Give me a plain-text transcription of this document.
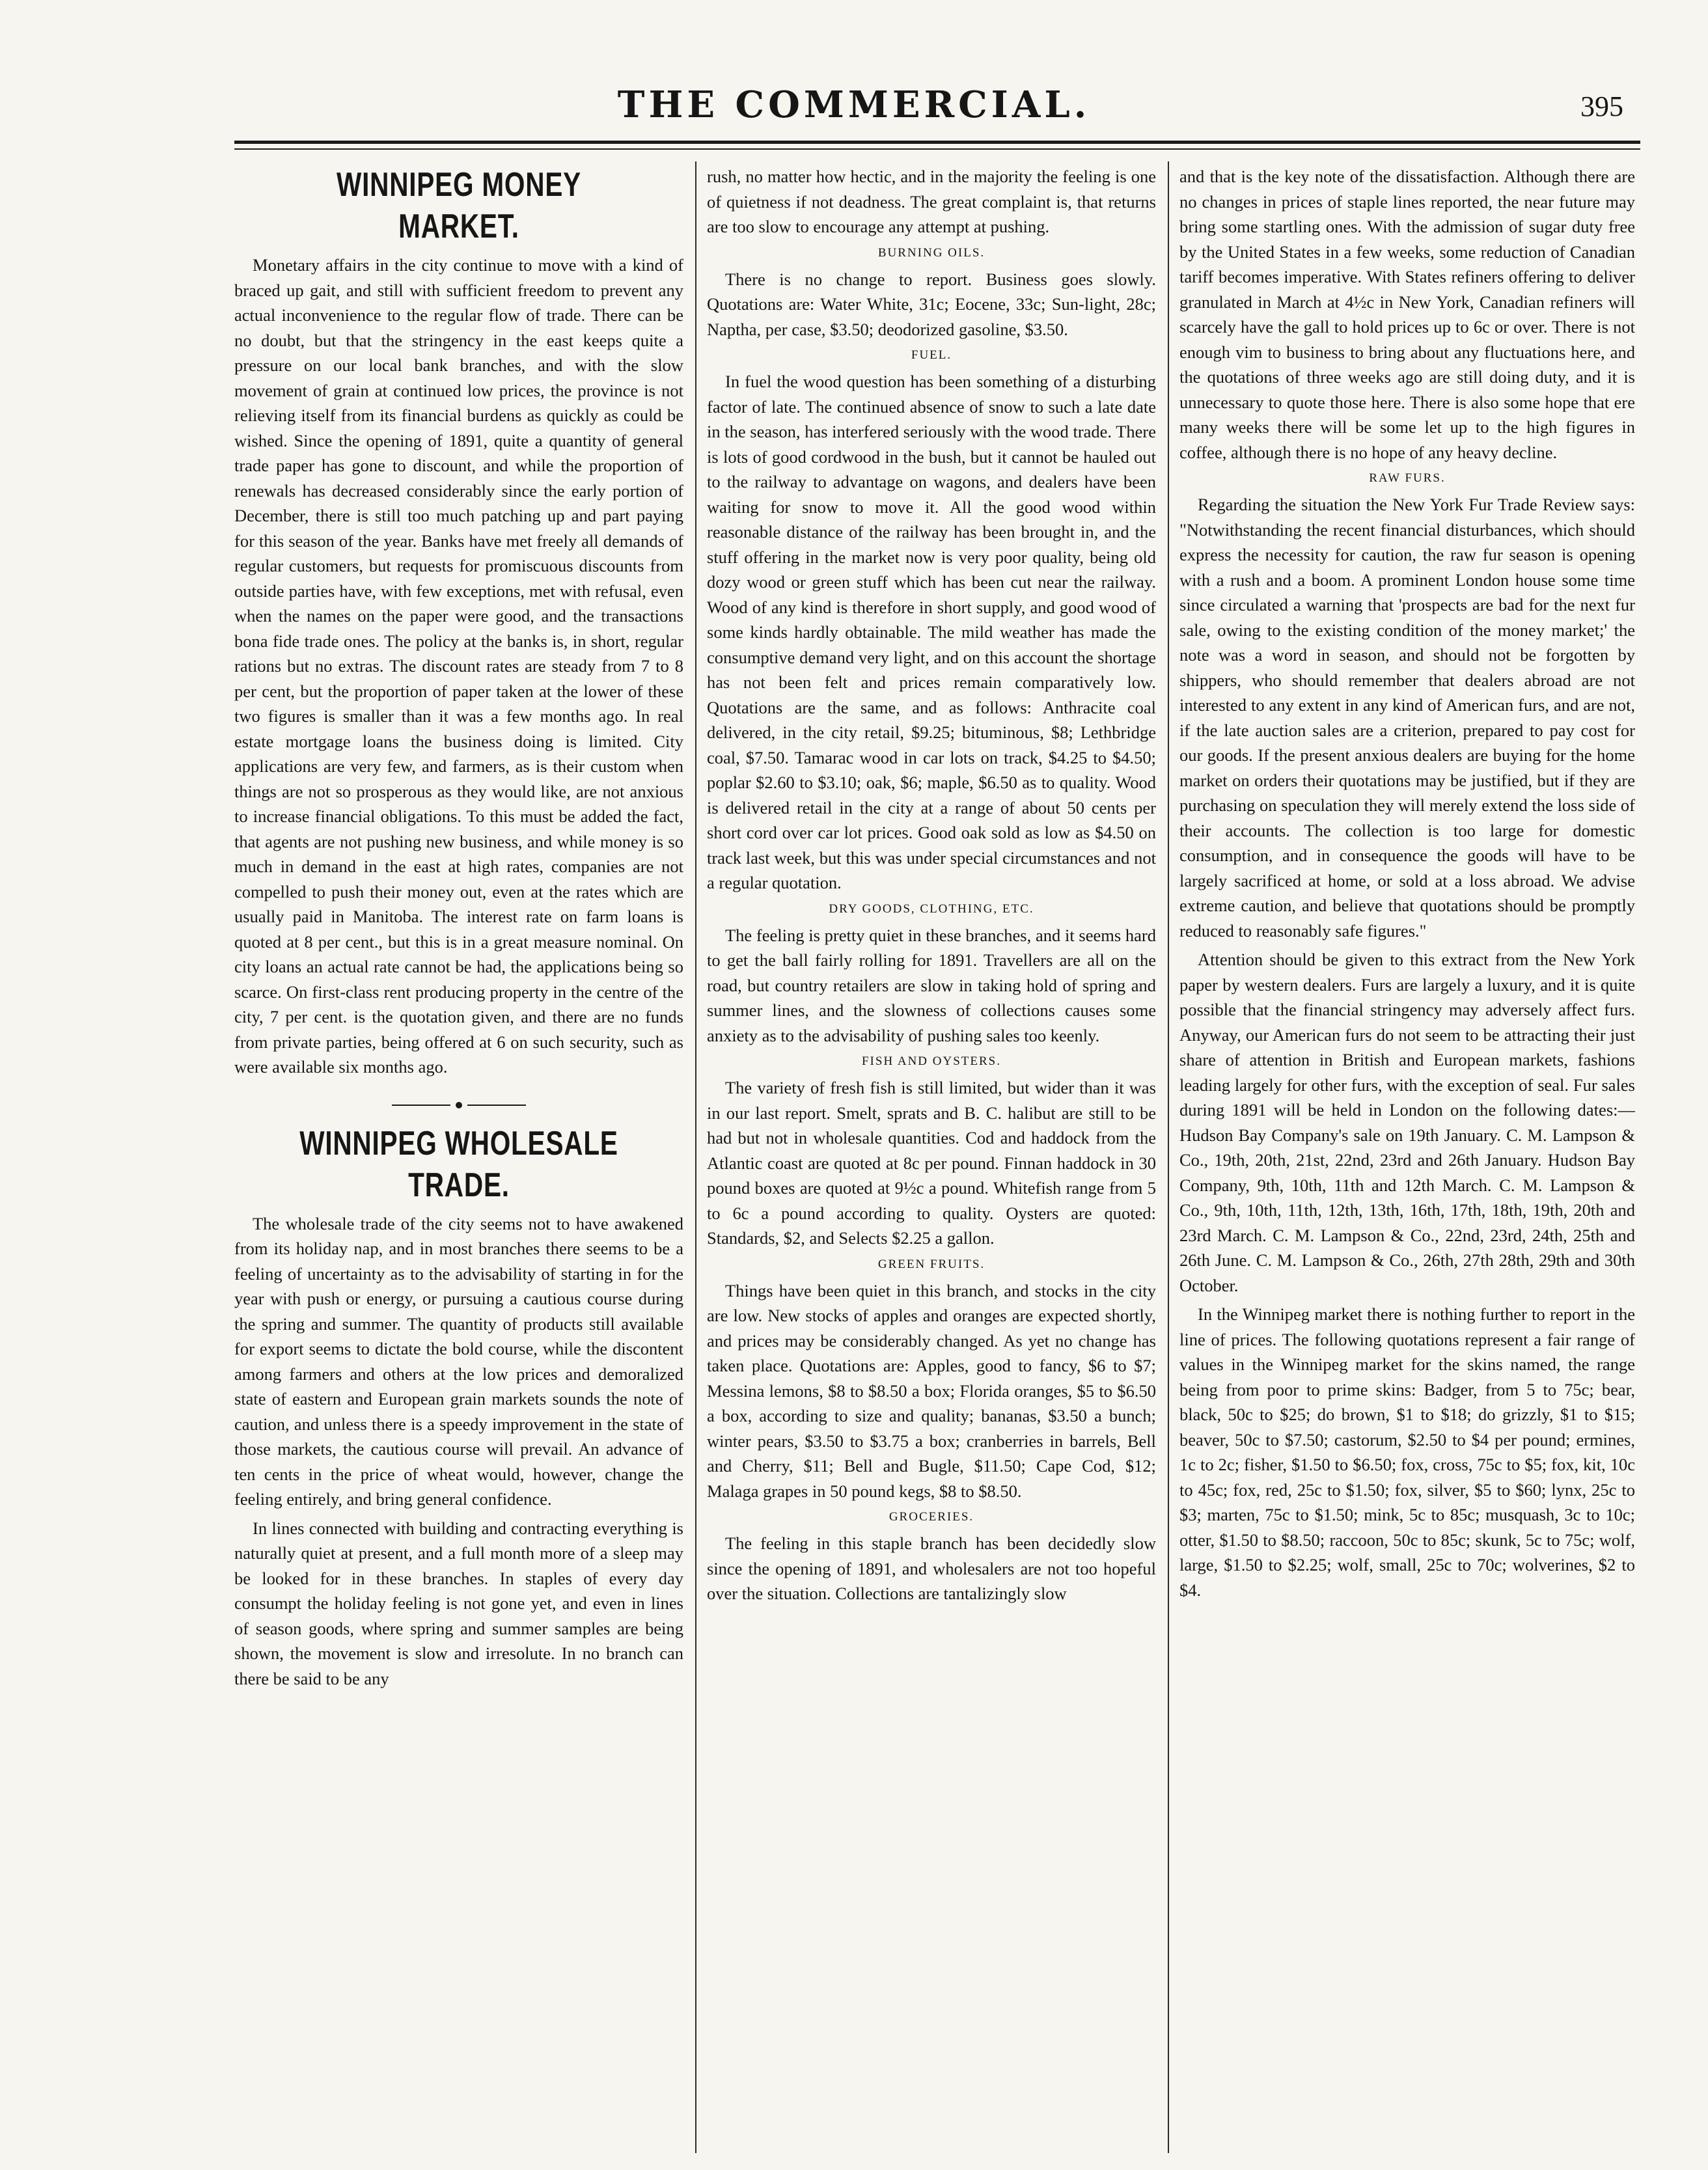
THE COMMERCIAL.	395
WINNIPEG MONEY MARKET.

Monetary affairs in the city continue to move with a kind of braced up gait, and still with sufficient freedom to prevent any actual inconvenience to the regular flow of trade. There can be no doubt, but that the stringency in the east keeps quite a pressure on our local bank branches, and with the slow movement of grain at continued low prices, the province is not relieving itself from its financial burdens as quickly as could be wished. Since the opening of 1891, quite a quantity of general trade paper has gone to discount, and while the proportion of renewals has decreased considerably since the early portion of December, there is still too much patching up and part paying for this season of the year. Banks have met freely all demands of regular customers, but requests for promiscuous discounts from outside parties have, with few exceptions, met with refusal, even when the names on the paper were good, and the transactions bona fide trade ones. The policy at the banks is, in short, regular rations but no extras. The discount rates are steady from 7 to 8 per cent, but the proportion of paper taken at the lower of these two figures is smaller than it was a few months ago. In real estate mortgage loans the business doing is limited. City applications are very few, and farmers, as is their custom when things are not so prosperous as they would like, are not anxious to increase financial obligations. To this must be added the fact, that agents are not pushing new business, and while money is so much in demand in the east at high rates, companies are not compelled to push their money out, even at the rates which are usually paid in Manitoba. The interest rate on farm loans is quoted at 8 per cent., but this is in a great measure nominal. On city loans an actual rate cannot be had, the applications being so scarce. On first-class rent producing property in the centre of the city, 7 per cent. is the quotation given, and there are no funds from private parties, being offered at 6 on such security, such as were available six months ago.

WINNIPEG WHOLESALE TRADE.

The wholesale trade of the city seems not to have awakened from its holiday nap, and in most branches there seems to be a feeling of uncertainty as to the advisability of starting in for the year with push or energy, or pursuing a cautious course during the spring and summer. The quantity of products still available for export seems to dictate the bold course, while the discontent among farmers and others at the low prices and demoralized state of eastern and European grain markets sounds the note of caution, and unless there is a speedy improvement in the state of those markets, the cautious course will prevail. An advance of ten cents in the price of wheat would, however, change the feeling entirely, and bring general confidence.

In lines connected with building and contracting everything is naturally quiet at present, and a full month more of a sleep may be looked for in these branches. In staples of every day consumpt the holiday feeling is not gone yet, and even in lines of season goods, where spring and summer samples are being shown, the movement is slow and irresolute. In no branch can there be said to be any

rush, no matter how hectic, and in the majority the feeling is one of quietness if not deadness. The great complaint is, that returns are too slow to encourage any attempt at pushing.

BURNING OILS.

There is no change to report. Business goes slowly. Quotations are: Water White, 31c; Eocene, 33c; Sun-light, 28c; Naptha, per case, $3.50; deodorized gasoline, $3.50.

FUEL.

In fuel the wood question has been something of a disturbing factor of late. The continued absence of snow to such a late date in the season, has interfered seriously with the wood trade. There is lots of good cordwood in the bush, but it cannot be hauled out to the railway to advantage on wagons, and dealers have been waiting for snow to move it. All the good wood within reasonable distance of the railway has been brought in, and the stuff offering in the market now is very poor quality, being old dozy wood or green stuff which has been cut near the railway. Wood of any kind is therefore in short supply, and good wood of some kinds hardly obtainable. The mild weather has made the consumptive demand very light, and on this account the shortage has not been felt and prices remain comparatively low. Quotations are the same, and as follows: Anthracite coal delivered, in the city retail, $9.25; bituminous, $8; Lethbridge coal, $7.50. Tamarac wood in car lots on track, $4.25 to $4.50; poplar $2.60 to $3.10; oak, $6; maple, $6.50 as to quality. Wood is delivered retail in the city at a range of about 50 cents per short cord over car lot prices. Good oak sold as low as $4.50 on track last week, but this was under special circumstances and not a regular quotation.

DRY GOODS, CLOTHING, ETC.

The feeling is pretty quiet in these branches, and it seems hard to get the ball fairly rolling for 1891. Travellers are all on the road, but country retailers are slow in taking hold of spring and summer lines, and the slowness of collections causes some anxiety as to the advisability of pushing sales too keenly.

FISH AND OYSTERS.

The variety of fresh fish is still limited, but wider than it was in our last report. Smelt, sprats and B. C. halibut are still to be had but not in wholesale quantities. Cod and haddock from the Atlantic coast are quoted at 8c per pound. Finnan haddock in 30 pound boxes are quoted at 9½c a pound. Whitefish range from 5 to 6c a pound according to quality. Oysters are quoted: Standards, $2, and Selects $2.25 a gallon.

GREEN FRUITS.

Things have been quiet in this branch, and stocks in the city are low. New stocks of apples and oranges are expected shortly, and prices may be considerably changed. As yet no change has taken place. Quotations are: Apples, good to fancy, $6 to $7; Messina lemons, $8 to $8.50 a box; Florida oranges, $5 to $6.50 a box, according to size and quality; bananas, $3.50 a bunch; winter pears, $3.50 to $3.75 a box; cranberries in barrels, Bell and Cherry, $11; Bell and Bugle, $11.50; Cape Cod, $12; Malaga grapes in 50 pound kegs, $8 to $8.50.

GROCERIES.

The feeling in this staple branch has been decidedly slow since the opening of 1891, and wholesalers are not too hopeful over the situation. Collections are tantalizingly slow

and that is the key note of the dissatisfaction. Although there are no changes in prices of staple lines reported, the near future may bring some startling ones. With the admission of sugar duty free by the United States in a few weeks, some reduction of Canadian tariff becomes imperative. With States refiners offering to deliver granulated in March at 4½c in New York, Canadian refiners will scarcely have the gall to hold prices up to 6c or over. There is not enough vim to business to bring about any fluctuations here, and the quotations of three weeks ago are still doing duty, and it is unnecessary to quote those here. There is also some hope that ere many weeks there will be some let up to the high figures in coffee, although there is no hope of any heavy decline.

RAW FURS.

Regarding the situation the New York Fur Trade Review says: "Notwithstanding the recent financial disturbances, which should express the necessity for caution, the raw fur season is opening with a rush and a boom. A prominent London house some time since circulated a warning that 'prospects are bad for the next fur sale, owing to the existing condition of the money market;' the note was a word in season, and should not be forgotten by shippers, who should remember that dealers abroad are not interested to any extent in any kind of American furs, and are not, if the late auction sales are a criterion, prepared to pay cost for our goods. If the present anxious dealers are buying for the home market on orders their quotations may be justified, but if they are purchasing on speculation they will merely extend the loss side of their accounts. The collection is too large for domestic consumption, and in consequence the goods will have to be largely sacrificed at home, or sold at a loss abroad. We advise extreme caution, and believe that quotations should be promptly reduced to reasonably safe figures."

Attention should be given to this extract from the New York paper by western dealers. Furs are largely a luxury, and it is quite possible that the financial stringency may adversely affect furs. Anyway, our American furs do not seem to be attracting their just share of attention in British and European markets, fashions leading largely for other furs, with the exception of seal. Fur sales during 1891 will be held in London on the following dates:—Hudson Bay Company's sale on 19th January. C. M. Lampson & Co., 19th, 20th, 21st, 22nd, 23rd and 26th January. Hudson Bay Company, 9th, 10th, 11th and 12th March. C. M. Lampson & Co., 9th, 10th, 11th, 12th, 13th, 16th, 17th, 18th, 19th, 20th and 23rd March. C. M. Lampson & Co., 22nd, 23rd, 24th, 25th and 26th June. C. M. Lampson & Co., 26th, 27th 28th, 29th and 30th October.

In the Winnipeg market there is nothing further to report in the line of prices. The following quotations represent a fair range of values in the Winnipeg market for the skins named, the range being from poor to prime skins: Badger, from 5 to 75c; bear, black, 50c to $25; do brown, $1 to $18; do grizzly, $1 to $15; beaver, 50c to $7.50; castorum, $2.50 to $4 per pound; ermines, 1c to 2c; fisher, $1.50 to $6.50; fox, cross, 75c to $5; fox, kit, 10c to 45c; fox, red, 25c to $1.50; fox, silver, $5 to $60; lynx, 25c to $3; marten, 75c to $1.50; mink, 5c to 85c; musquash, 3c to 10c; otter, $1.50 to $8.50; raccoon, 50c to 85c; skunk, 5c to 75c; wolf, large, $1.50 to $2.25; wolf, small, 25c to 70c; wolverines, $2 to $4.
